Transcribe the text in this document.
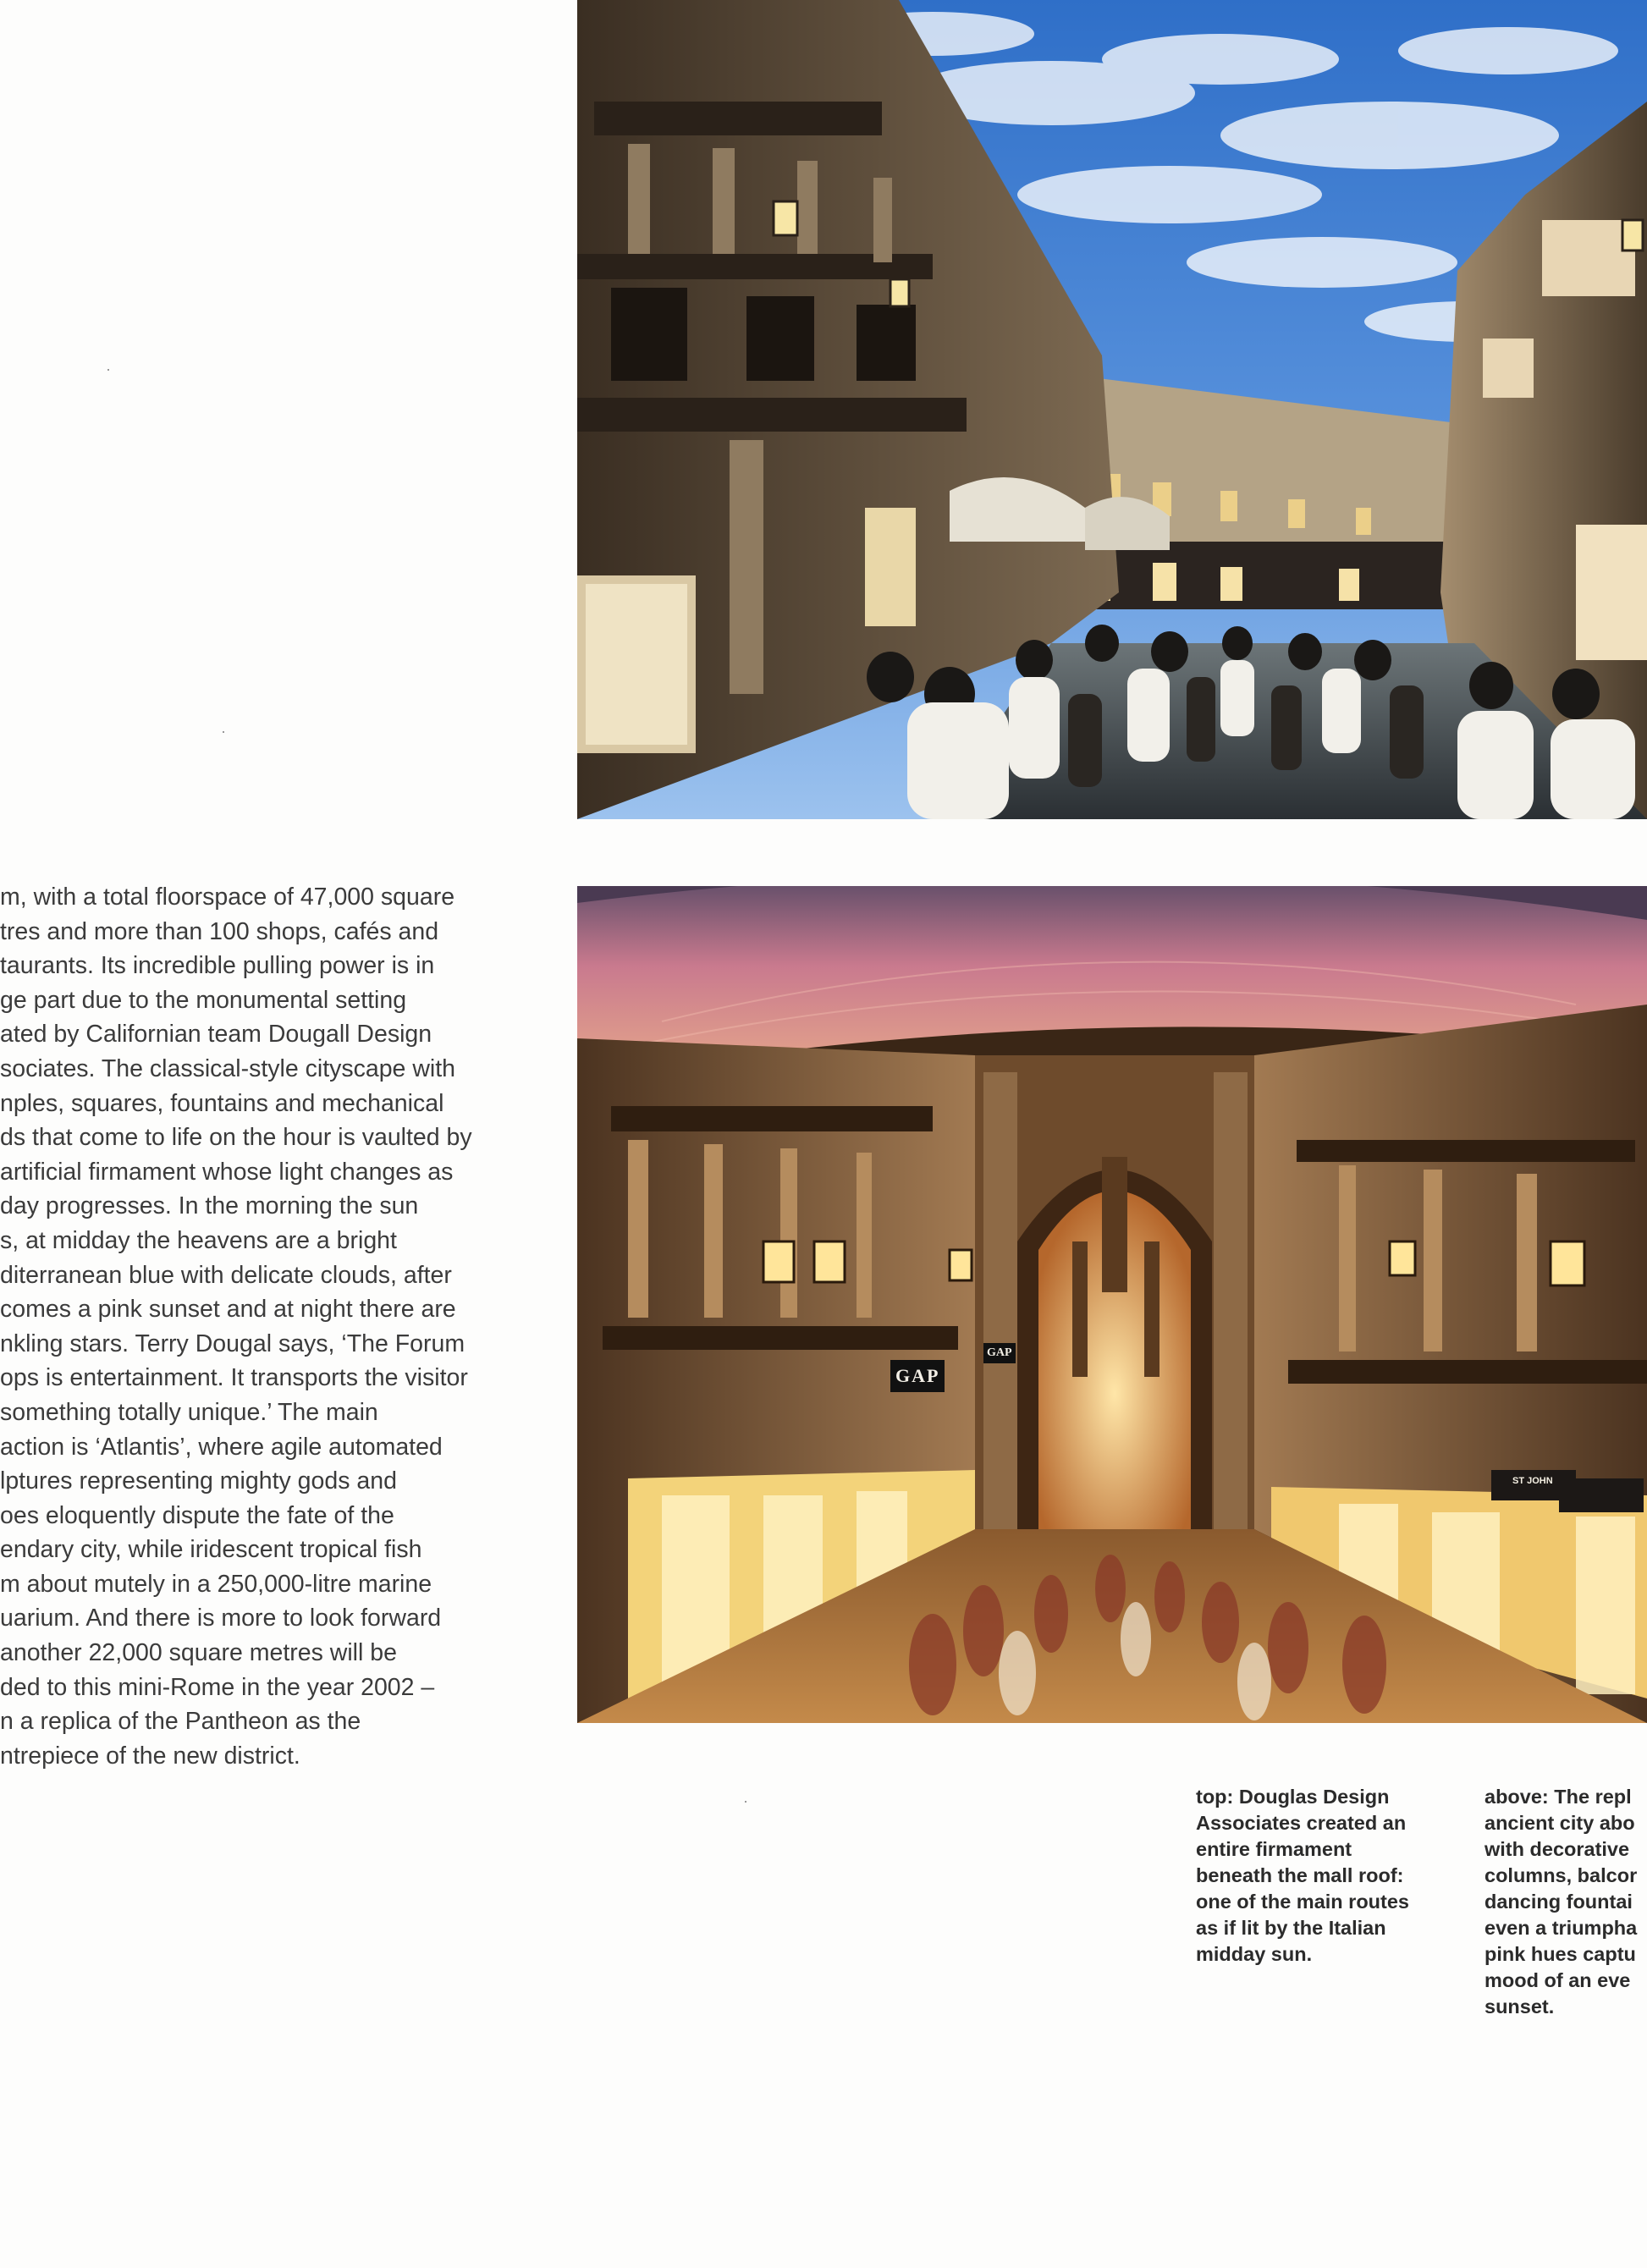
m, with a total floorspace of 47,000 square
tres and more than 100 shops, cafés and
taurants. Its incredible pulling power is in
ge part due to the monumental setting
ated by Californian team Dougall Design
sociates. The classical-style cityscape with
nples, squares, fountains and mechanical
ds that come to life on the hour is vaulted by
artificial firmament whose light changes as
day progresses. In the morning the sun
s, at midday the heavens are a bright
diterranean blue with delicate clouds, after
comes a pink sunset and at night there are
nkling stars. Terry Dougal says, ‘The Forum
ops is entertainment. It transports the visitor
something totally unique.’ The main
action is ‘Atlantis’, where agile automated
lptures representing mighty gods and
oes eloquently dispute the fate of the
endary city, while iridescent tropical fish
m about mutely in a 250,000-litre marine
uarium. And there is more to look forward
another 22,000 square metres will be
ded to this mini-Rome in the year 2002 –
n a replica of the Pantheon as the
ntrepiece of the new district.

GAP
GAP
ST JOHN

top: Douglas Design
Associates created an
entire firmament
beneath the mall roof:
one of the main routes
as if lit by the Italian
midday sun.

above: The repl
ancient city abo
with decorative
columns, balcor
dancing fountai
even a triumpha
pink hues captu
mood of an eve
sunset.
